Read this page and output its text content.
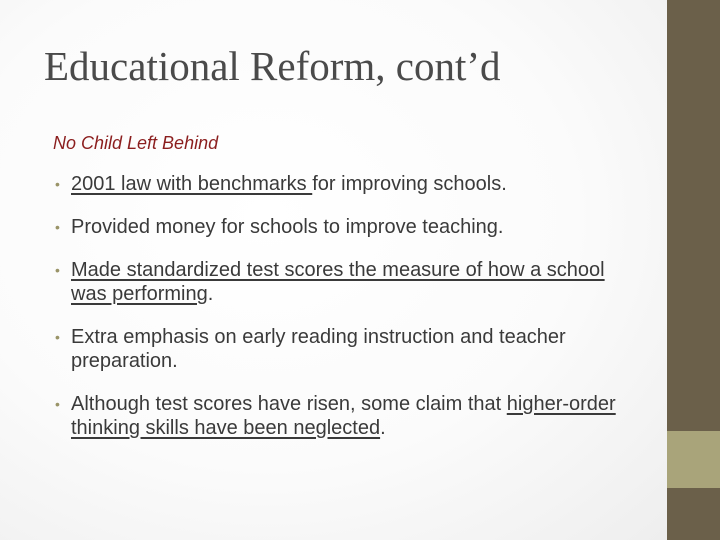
Educational Reform, cont’d

No Child Left Behind

• 2001 law with benchmarks for improving schools.
• Provided money for schools to improve teaching.
• Made standardized test scores the measure of how a school was performing.
• Extra emphasis on early reading instruction and teacher preparation.
• Although test scores have risen, some claim that higher-order thinking skills have been neglected.
